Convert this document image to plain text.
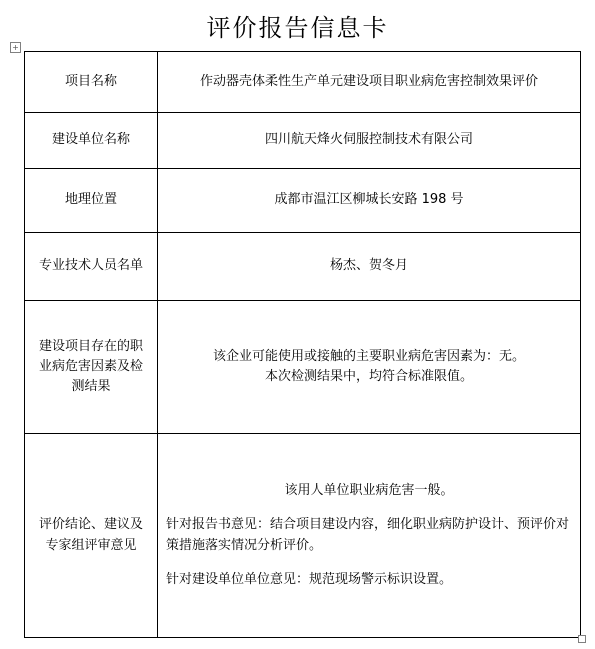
评价报告信息卡
+
项目名称	作动器壳体柔性生产单元建设项目职业病危害控制效果评价
建设单位名称	四川航天烽火伺服控制技术有限公司
地理位置	成都市温江区柳城长安路 198 号
专业技术人员名单	杨杰、贺冬月
建设项目存在的职业病危害因素及检测结果	该企业可能使用或接触的主要职业病危害因素为：无。
本次检测结果中，均符合标准限值。

评价结论、建议及专家组评审意见	该用人单位职业病危害一般。
针对报告书意见：结合项目建设内容，细化职业病防护设计、预评价对策措施落实情况分析评价。
针对建设单位单位意见：规范现场警示标识设置。
